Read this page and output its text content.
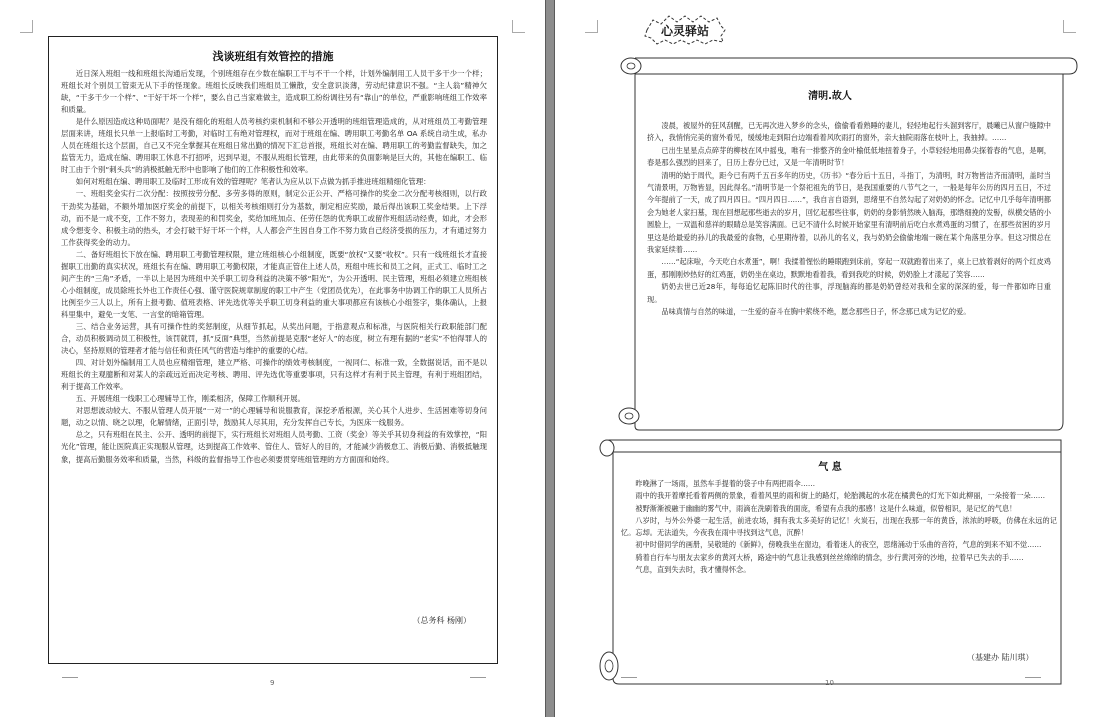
浅谈班组有效管控的措施

近日深入班组一线和班组长沟通后发现，个别班组存在少数在编职工干与不干一个样，计划外编制用工人员干多干少一个样；班组长对个别员工管束无从下手的怪现象。班组长反映我们班组员工懒散，安全意识淡薄，劳动纪律意识不强。“主人翁”精神欠缺，“干多干少一个样”、“干好干坏一个样”，要么自己当家难做主，造成职工纷纷调往另有“靠山”的单位，严重影响班组工作效率和质量。

是什么原因造成这种局面呢？是没有细化的班组人员考核约束机制和不够公开透明的班组管理造成的，从对班组员工考勤管理层面来讲，班组长只单一上报临时工考勤，对临时工有绝对管理权，而对于班组在编、聘用职工考勤名单 OA 系统自动生成，私办人员在班组长这个层面，自己又不完全掌握其在班组日常出勤的情况下汇总首报，班组长对在编、聘用职工的考勤监督缺失，加之监管无力，造成在编、聘用职工休息不打招呼，迟到早退，不服从班组长管理，由此带来的负面影响是巨大的，其他在编职工、临时工由于个别“刺头兵”的消极抵触无形中也影响了他们的工作积极性和效率。

如何对班组在编、聘用职工及临时工形成有效的管理呢？笔者认为应从以下点做为抓手推进班组精细化管理：

一、班组奖金实行二次分配：按照按劳分配、多劳多得的原则，制定公正公开、严格可操作的奖金二次分配考核细则，以行政干劲奖为基础，不额外增加医疗奖金的前提下，以相关考核细则打分为基数，制定相应奖励，最后得出该职工奖金结果。上下浮动，而不是一成不变，工作不努力，表现差的和罚奖金，奖给加班加点、任劳任怨的优秀职工或留作班组活动经费，如此，才会形成令想变令、积极主动的热头，才会打破干好干坏一个样，人人都会产生因自身工作不努力致自己经济受损的压力，才有通过努力工作获得奖金的动力。

二、备好班组长下放在编、聘用职工考勤管理权限，建立班组核心小组制度，既要“放权”又要“收权”。只有一线班组长才直接握职工出勤的真实状况，班组长有在编、聘用职工考勤权限，才能真正管住上述人员，班组中班长和员工之间，正式工、临时工之间产生的“三角”矛盾，一半以上是因为班组中关乎职工切身利益的决策不够“阳光”，为公开透明、民主管理，班组必须建立班组核心小组制度，成员除班长外也工作责任心强、谨守医院规章制度的职工中产生（党团员优先），在此事务中协调工作的职工人员所占比例至少三人以上，所有上报考勤、值班表格、评先选优等关乎职工切身利益的重大事项都应有该核心小组签字，集体确认，上报科里集中，避免一支笔、一言堂的暗箱管理。

三、结合业务运营，具有可操作性的奖惩制度，从细节抓起，从奖出问题，于指意观点和标准，与医院相关行政职能部门配合，动员积极调动员工积极性，该罚就罚，抓“反面”典型，当然前提是克服“老好人”的态度，树立有理有据的“老实”不怕得罪人的决心，坚持原则的管理者才能与信任和责任风气的营造与维护的重要的心结。

四、对计划外编制用工人员也应精细管理，建立严格、可操作的绩效考核制度，一视同仁、标准一致，全数据说话，而不是以班组长的主观臆断和对某人的亲疏远近而决定考核、聘用、评先选优等重要事项，只有这样才有利于民主管理，有利于班组团结，利于提高工作效率。

五、开展班组一线职工心理辅导工作，刚柔相济，保障工作顺利开展。

对思想波动较大、不服从管理人员开展“一对一”的心理辅导和说服教育，深挖矛盾根源，关心其个人进步、生活困难等切身问题，动之以情、晓之以理，化解情绪，正面引导，鼓励其人尽其用，充分发挥自己专长，为医床一线服务。

总之，只有班组在民主、公开、透明的前提下，实行班组长对班组人员考勤、工资（奖金）等关乎其切身利益的有效掌控，“阳光化”管理，能让医院真正实现服从管理，达到提高工作效率、管住人、管好人的目的，才能减少消极怠工、消极后勤、消极抵触现象，提高后勤服务效率和质量，当然，科级的监督指导工作也必须要贯穿班组管理的方方面面和始终。

（总务科 杨刚）
9
心灵驿站
清明.故人

凌晨，被屋外的狂风刮醒，已无再次进入梦乡的念头，偷偷看看熟睡的妻儿，轻轻地起行头溜到客厅，晨曦已从窗户缝隙中挤入，我悄悄完美的窗外看见，缓缓地走到阳台边端看着风吹雨打的窗外，亲大抽院雨落在枝叶上，我抽掉。……

已出生星星点点碎芽的柳枝在风中摇曳，唯有一排整齐的金叶榆低低地扭着身子，小草轻轻地用鼻尖探着春的气息，是啊，春是那么强烈的回来了，日历上春分已过，又是一年清明时节！

清明的始于周代，距今已有两千五百多年的历史，《历书》“春分后十五日，斗指丁，为清明，时万物皆洁齐而清明，盖时当气清景明，万物皆显，因此得名。”清明节是一个祭祀祖先的节日，是我国重要的八节气之一，一般是每年公历的四月五日，不过今年提前了一天，成了四月四日。“四月四日……”，我自言自语到，思绪里不自然勾起了对奶奶的怀念。记忆中几乎每年清明都会为她老人家扫墓，现在回想起那些逝去的岁月，回忆起那些往事，奶奶的身影悄然映入脑海，那绺细挽的发髻，纵横交错的小圆脸上，一双温和慈祥的眼睛总是笑容满面。已记不清什么时候开始家里有清明前后吃白水煮鸡蛋的习惯了，在那些贫困的岁月里这是给最爱的孙儿的我最爱的食物，心里期待着，以孙儿的名义，我与奶奶会偷偷地端一碗在某个角落里分享。但这习惯总在我家延续着……

……“起床啦，今天吃白水煮蛋”，啊！我揉着惺忪的睡眼跑到床前，穿起一双就跑着出来了，桌上已放着剥好的两个红皮鸡蛋，那刚刚炒热好的红鸡蛋，奶奶坐在桌边，默默地看着我，看到我吃的时候，奶奶脸上才漾起了笑容……

奶奶去世已近28年，每每追忆起陈旧时代的往事，浮现脑海的都是奶奶曾经对我和全家的深深的爱，每一件都如昨日重现。

品味真情与自然的味道，一生爱的奋斗在胸中萦绕不绝，愿念那些日子，怀念那已成为记忆的爱。

气 息

昨晚淋了一场雨，虽然车手提着的袋子中有两把雨伞……

雨中的我开着摩托看着两侧的景象，看着风里的雨和街上的路灯，轮胎溅起的水花在橘黄色的灯光下如此柳丽，一朵接着一朵……

被野渐渐被融于幽幽的雾气中，雨滴在洗刷着我的面庞，希望有点我的那感！这是什么味道，似曾相识，是记忆的气息！

八岁时，与外公外婆一起生活，前进农场，拥有我太多美好的记忆！火炭石，出现在我那一年的黄昏，浓浓的呼吸，仿佛在永远的记忆。忘却。无法道失，今夜我在雨中寻找到这气息，沉醉！

初中时借同学的画册，吴敬琏的《新鲜》，傍晚我坐在窗边，看着迷人的夜空，思绪涌动于乐曲的音符，气息的到来不知不觉……

骑着自行车与朋友去家乡的黄河大桥，路途中的气息让我感到丝丝绵绵的情念，步行黄河旁的沙地，拉着早已失去的手……

气息，直到失去时，我才懂得怀念。

（基建办 陆川琪）
10
